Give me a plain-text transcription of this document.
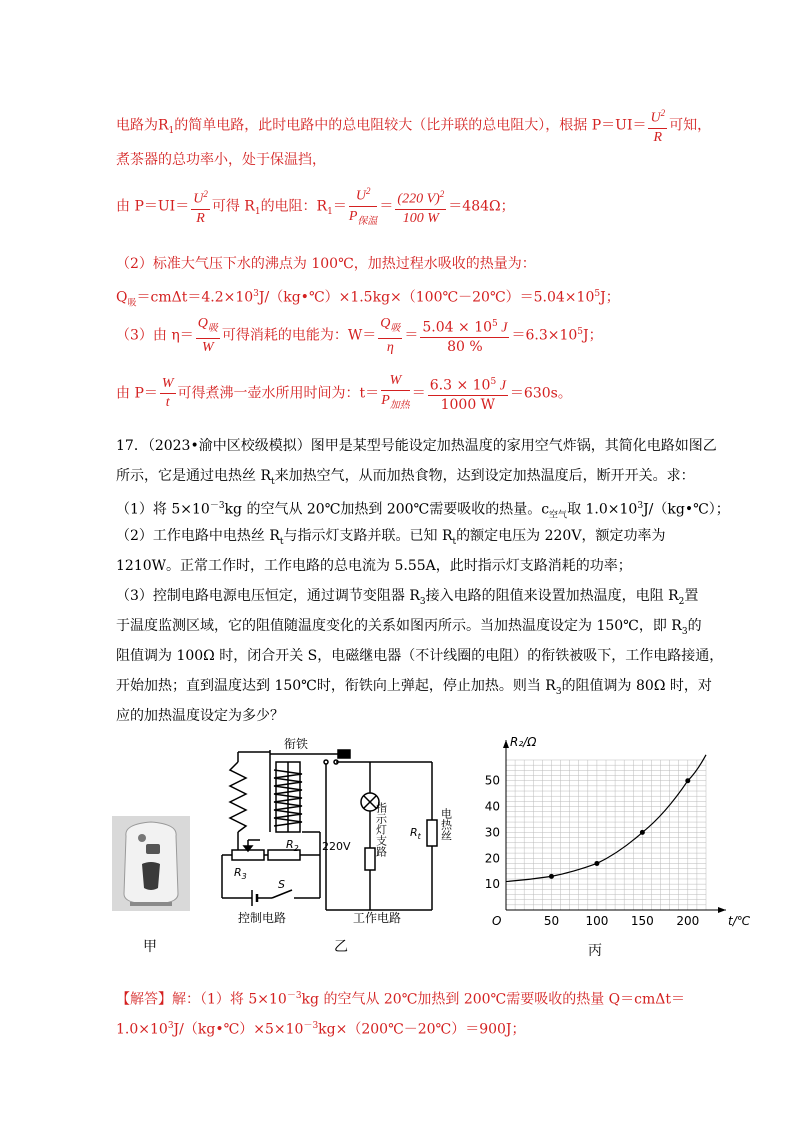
电路为$R_1$的简单电路，此时电路中的总电阻较大（比并联的总电阻大），根据 $P=UI= \frac{U^2}{R}$ 可知，
煮茶器的总功率小，处于保温挡，
由 $P=UI= \frac{U^2}{R}$ 可得 $R_1$的电阻：$R_1= \frac{U^2}{P_{保温}} = \frac{(220 V)^2}{100 W} =484\Omega$；
（2）标准大气压下水的沸点为 100℃，加热过程水吸收的热量为：
$Q_吸=cm\Delta t=4.2\times 10^3J/(kg•℃)\times 1.5kg\times(100℃-20℃)=5.04\times 10^5J$；
（3）由 $\eta= \frac{Q_吸}{W}$ 可得消耗的电能为：$W= \frac{Q_吸}{\eta} = \frac{5.04 \times 10^5 J}{80 \%} =6.3\times 10^5J$；
由 $P= \frac{W}{t}$ 可得煮沸一壶水所用时间为：$t= \frac{W}{P_{加热}} = \frac{6.3 \times 10^5 J}{1000 W} =630s$。
17．（2023•渝中区校级模拟）图甲是某型号能设定加热温度的家用空气炸锅，其简化电路如图乙
所示，它是通过电热丝 $R_t$来加热空气，从而加热食物，达到设定加热温度后，断开开关。求：
（1）将 $5\times 10^{-3}kg$ 的空气从 20℃加热到 200℃需要吸收的热量。$c_{空气}$取 $1.0\times 10^3J/(kg•℃)$；
（2）工作电路中电热丝 $R_t$与指示灯支路并联。已知 $R_t$的额定电压为 220V，额定功率为
1210W。正常工作时，工作电路的总电流为 5.55A，此时指示灯支路消耗的功率；
（3）控制电路电源电压恒定，通过调节变阻器 $R_3$接入电路的阻值来设置加热温度，电阻 $R_2$置
于温度监测区域，它的阻值随温度变化的关系如图丙所示。当加热温度设定为 150℃，即 $R_3$的
阻值调为 100Ω 时，闭合开关 S，电磁继电器（不计线圈的电阻）的衔铁被吸下，工作电路接通，
开始加热；直到温度达到 150℃时，衔铁向上弹起，停止加热。则当 $R_3$的阻值调为 80Ω 时，对
应的加热温度设定为多少？
甲
衔铁
$R_2$
$R_3$
S
控制电路
220V
工作电路
指示灯支路 $R_t$ 电热丝
乙
50 100 150 200
10
20
30
40
50
O
R₂/Ω
t/℃
丙
【解答】解：（1）将 $5\times 10^{-3}kg$ 的空气从 20℃加热到 200℃需要吸收的热量 Q＝cmΔt＝
$1.0\times 10^3J/(kg•℃)\times 5\times 10^{-3}kg\times(200℃-20℃)=900J$；
